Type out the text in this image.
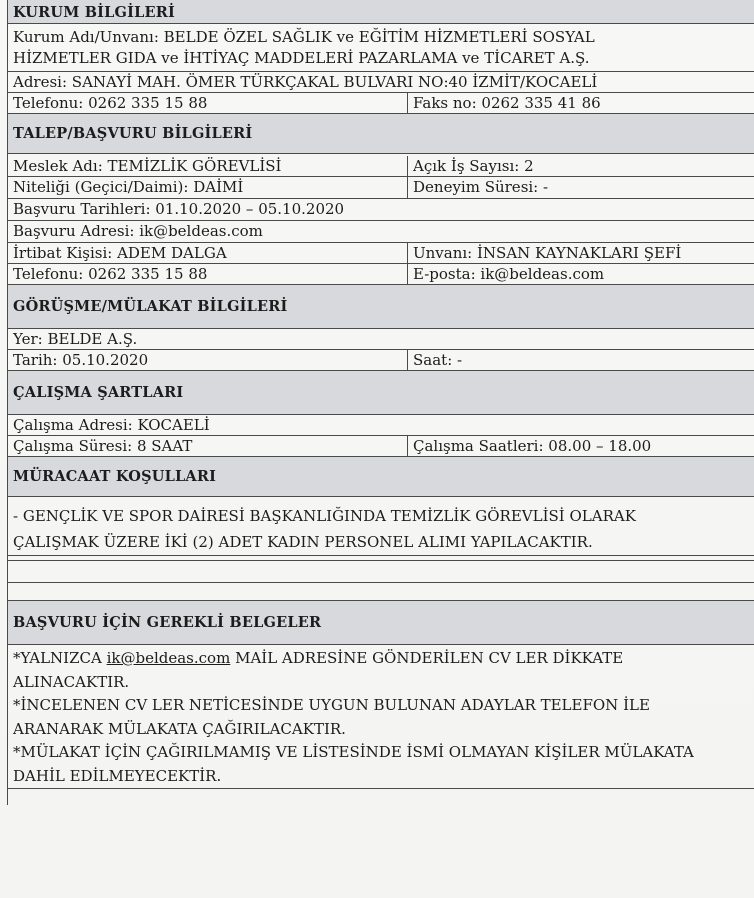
KURUM BİLGİLERİ
Kurum Adı/Unvanı: BELDE ÖZEL SAĞLIK ve EĞİTİM HİZMETLERİ SOSYAL
HİZMETLER GIDA ve İHTİYAÇ MADDELERİ PAZARLAMA ve TİCARET A.Ş.
Adresi: SANAYİ MAH. ÖMER TÜRKÇAKAL BULVARI NO:40 İZMİT/KOCAELİ
Telefonu: 0262 335 15 88	Faks no: 0262 335 41 86
TALEP/BAŞVURU BİLGİLERİ
Meslek Adı: TEMİZLİK GÖREVLİSİ	Açık İş Sayısı: 2
Niteliği (Geçici/Daimi): DAİMİ	Deneyim Süresi: -
Başvuru Tarihleri: 01.10.2020 – 05.10.2020
Başvuru Adresi: ik@beldeas.com
İrtibat Kişisi: ADEM DALGA	Unvanı: İNSAN KAYNAKLARI ŞEFİ
Telefonu: 0262 335 15 88	E-posta: ik@beldeas.com
GÖRÜŞME/MÜLAKAT BİLGİLERİ
Yer: BELDE A.Ş.
Tarih: 05.10.2020	Saat: -
ÇALIŞMA ŞARTLARI
Çalışma Adresi: KOCAELİ
Çalışma Süresi: 8 SAAT	Çalışma Saatleri: 08.00 – 18.00
MÜRACAAT KOŞULLARI
- GENÇLİK VE SPOR DAİRESİ BAŞKANLIĞINDA TEMİZLİK GÖREVLİSİ OLARAK
ÇALIŞMAK ÜZERE İKİ (2) ADET KADIN PERSONEL ALIMI YAPILACAKTIR.
BAŞVURU İÇİN GEREKLİ BELGELER
*YALNIZCA ik@beldeas.com MAİL ADRESİNE GÖNDERİLEN CV LER DİKKATE
ALINACAKTIR.
*İNCELENEN CV LER NETİCESİNDE UYGUN BULUNAN ADAYLAR TELEFON İLE
ARANARAK MÜLAKATA ÇAĞIRILACAKTIR.
*MÜLAKAT İÇİN ÇAĞIRILMAMIŞ VE LİSTESİNDE İSMİ OLMAYAN KİŞİLER MÜLAKATA
DAHİL EDİLMEYECEKTİR.
